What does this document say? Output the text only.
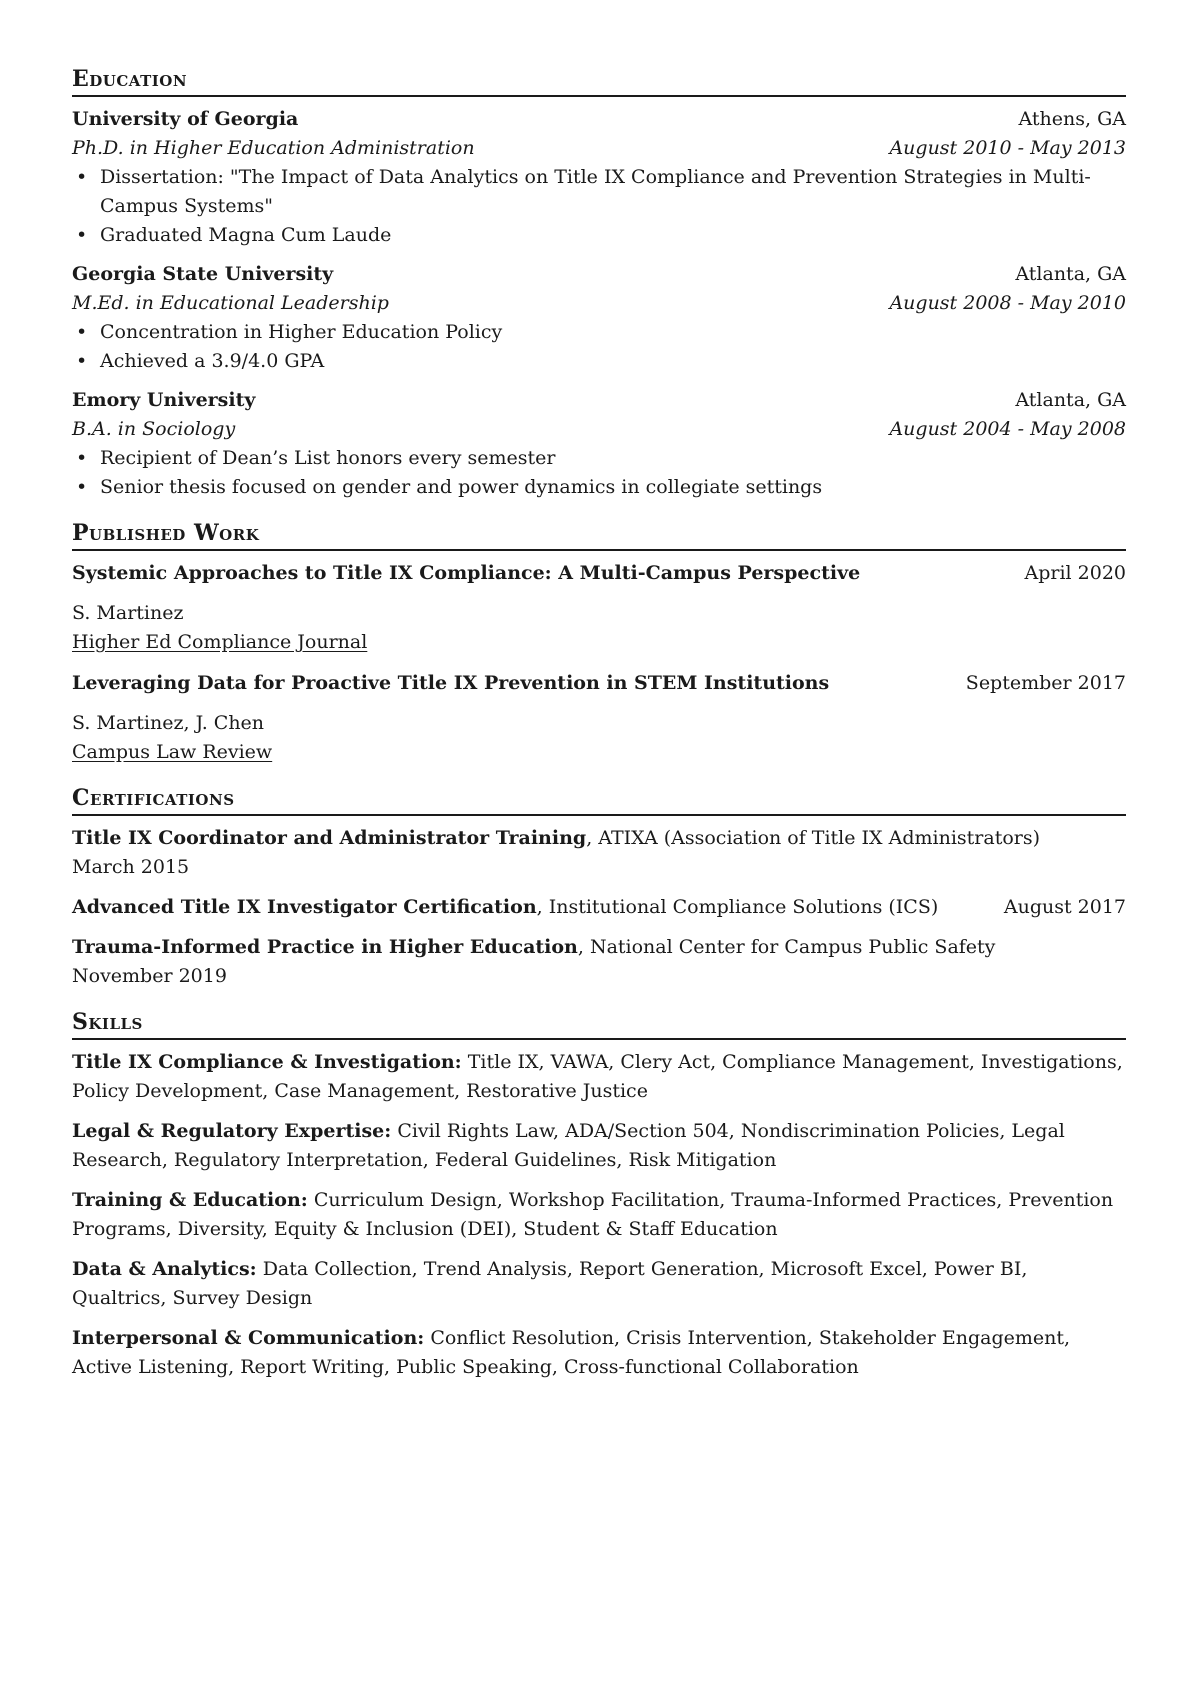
Education
University of Georgia	Athens, GA
Ph.D. in Higher Education Administration	August 2010 - May 2013
• Dissertation: "The Impact of Data Analytics on Title IX Compliance and Prevention Strategies in Multi-Campus Systems"
• Graduated Magna Cum Laude
Georgia State University	Atlanta, GA
M.Ed. in Educational Leadership	August 2008 - May 2010
• Concentration in Higher Education Policy
• Achieved a 3.9/4.0 GPA
Emory University	Atlanta, GA
B.A. in Sociology	August 2004 - May 2008
• Recipient of Dean’s List honors every semester
• Senior thesis focused on gender and power dynamics in collegiate settings
Published Work
Systemic Approaches to Title IX Compliance: A Multi-Campus Perspective	April 2020
S. Martinez
Higher Ed Compliance Journal
Leveraging Data for Proactive Title IX Prevention in STEM Institutions	September 2017
S. Martinez, J. Chen
Campus Law Review
Certifications
Title IX Coordinator and Administrator Training, ATIXA (Association of Title IX Administrators)
March 2015
Advanced Title IX Investigator Certification, Institutional Compliance Solutions (ICS)	August 2017
Trauma-Informed Practice in Higher Education, National Center for Campus Public Safety
November 2019
Skills
Title IX Compliance & Investigation: Title IX, VAWA, Clery Act, Compliance Management, Investigations, Policy Development, Case Management, Restorative Justice
Legal & Regulatory Expertise: Civil Rights Law, ADA/Section 504, Nondiscrimination Policies, Legal Research, Regulatory Interpretation, Federal Guidelines, Risk Mitigation
Training & Education: Curriculum Design, Workshop Facilitation, Trauma-Informed Practices, Prevention Programs, Diversity, Equity & Inclusion (DEI), Student & Staff Education
Data & Analytics: Data Collection, Trend Analysis, Report Generation, Microsoft Excel, Power BI, Qualtrics, Survey Design
Interpersonal & Communication: Conflict Resolution, Crisis Intervention, Stakeholder Engagement, Active Listening, Report Writing, Public Speaking, Cross-functional Collaboration
